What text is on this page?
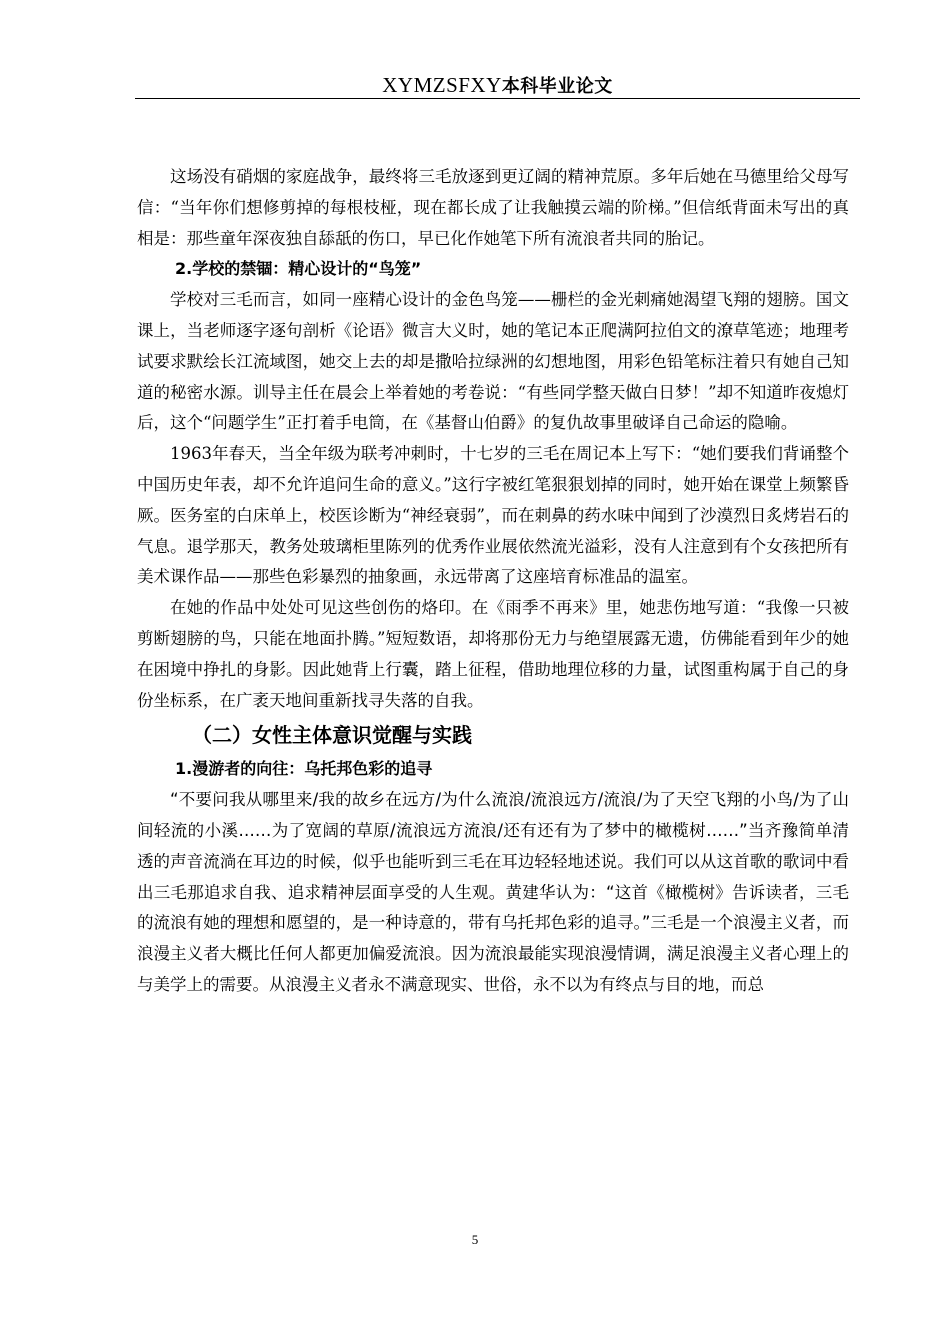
XYMZSFXY本科毕业论文

这场没有硝烟的家庭战争，最终将三毛放逐到更辽阔的精神荒原。多年后她在马德里给父母写信：“当年你们想修剪掉的每根枝桠，现在都长成了让我触摸云端的阶梯。”但信纸背面未写出的真相是：那些童年深夜独自舔舐的伤口，早已化作她笔下所有流浪者共同的胎记。

2.学校的禁锢：精心设计的“鸟笼”

学校对三毛而言，如同一座精心设计的金色鸟笼——栅栏的金光刺痛她渴望飞翔的翅膀。国文课上，当老师逐字逐句剖析《论语》微言大义时，她的笔记本正爬满阿拉伯文的潦草笔迹；地理考试要求默绘长江流域图，她交上去的却是撒哈拉绿洲的幻想地图，用彩色铅笔标注着只有她自己知道的秘密水源。训导主任在晨会上举着她的考卷说：“有些同学整天做白日梦！”却不知道昨夜熄灯后，这个“问题学生”正打着手电筒，在《基督山伯爵》的复仇故事里破译自己命运的隐喻。

1963年春天，当全年级为联考冲刺时，十七岁的三毛在周记本上写下：“她们要我们背诵整个中国历史年表，却不允许追问生命的意义。”这行字被红笔狠狠划掉的同时，她开始在课堂上频繁昏厥。医务室的白床单上，校医诊断为“神经衰弱”，而在刺鼻的药水味中闻到了沙漠烈日炙烤岩石的气息。退学那天，教务处玻璃柜里陈列的优秀作业展依然流光溢彩，没有人注意到有个女孩把所有美术课作品——那些色彩暴烈的抽象画，永远带离了这座培育标准品的温室。

在她的作品中处处可见这些创伤的烙印。在《雨季不再来》里，她悲伤地写道：“我像一只被剪断翅膀的鸟，只能在地面扑腾。”短短数语，却将那份无力与绝望展露无遗，仿佛能看到年少的她在困境中挣扎的身影。因此她背上行囊，踏上征程，借助地理位移的力量，试图重构属于自己的身份坐标系，在广袤天地间重新找寻失落的自我。

（二）女性主体意识觉醒与实践

1.漫游者的向往：乌托邦色彩的追寻

“不要问我从哪里来/我的故乡在远方/为什么流浪/流浪远方/流浪/为了天空飞翔的小鸟/为了山间轻流的小溪……为了宽阔的草原/流浪远方流浪/还有还有为了梦中的橄榄树……”当齐豫简单清透的声音流淌在耳边的时候，似乎也能听到三毛在耳边轻轻地述说。我们可以从这首歌的歌词中看出三毛那追求自我、追求精神层面享受的人生观。黄建华认为：“这首《橄榄树》告诉读者，三毛的流浪有她的理想和愿望的，是一种诗意的，带有乌托邦色彩的追寻。”三毛是一个浪漫主义者，而浪漫主义者大概比任何人都更加偏爱流浪。因为流浪最能实现浪漫情调，满足浪漫主义者心理上的与美学上的需要。从浪漫主义者永不满意现实、世俗，永不以为有终点与目的地，而总

5
